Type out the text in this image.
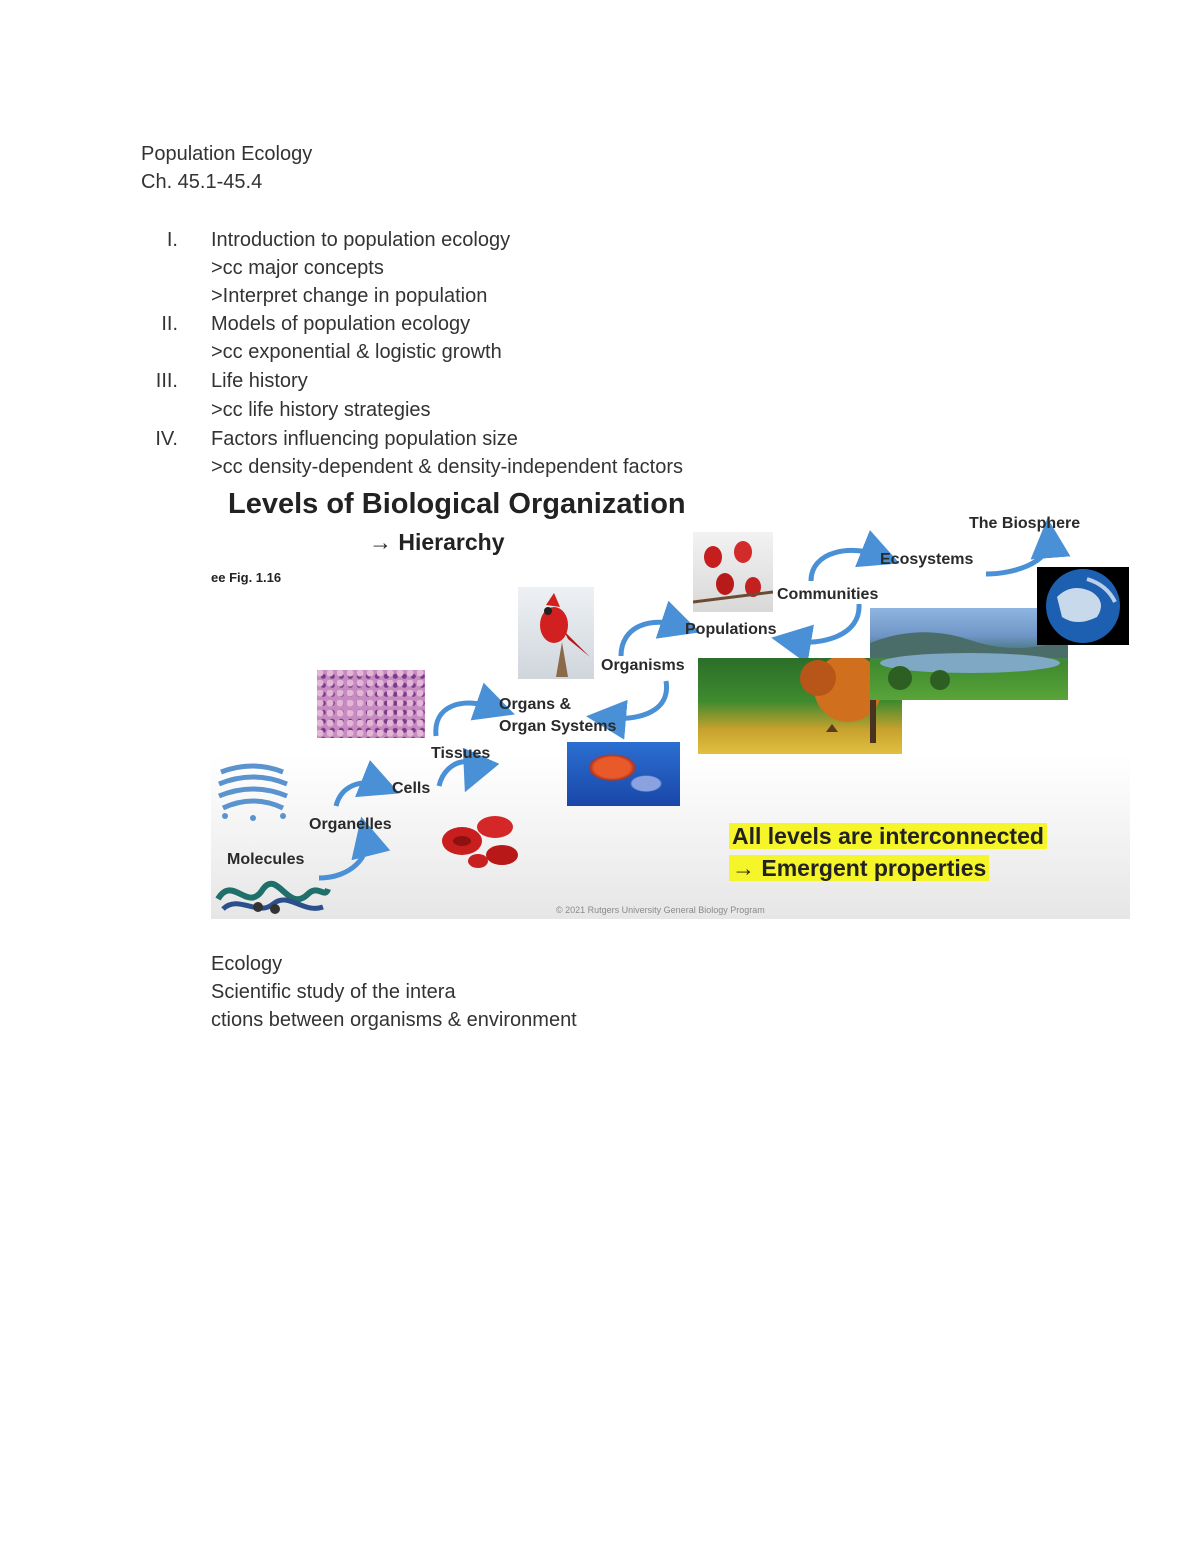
Population Ecology
Ch. 45.1-45.4
I. Introduction to population ecology
>cc major concepts
>Interpret change in population
II. Models of population ecology
>cc exponential & logistic growth
III. Life history
>cc life history strategies
IV. Factors influencing population size
>cc density-dependent & density-independent factors
Levels of Biological Organization
→ Hierarchy
ee Fig. 1.16
Molecules
Organelles
Cells
Tissues
Organs &
Organ Systems
Organisms
Populations
Communities
Ecosystems
The Biosphere
All levels are interconnected
→ Emergent properties
© 2021 Rutgers University General Biology Program
Ecology
Scientific study of the intera
ctions between organisms & environment
